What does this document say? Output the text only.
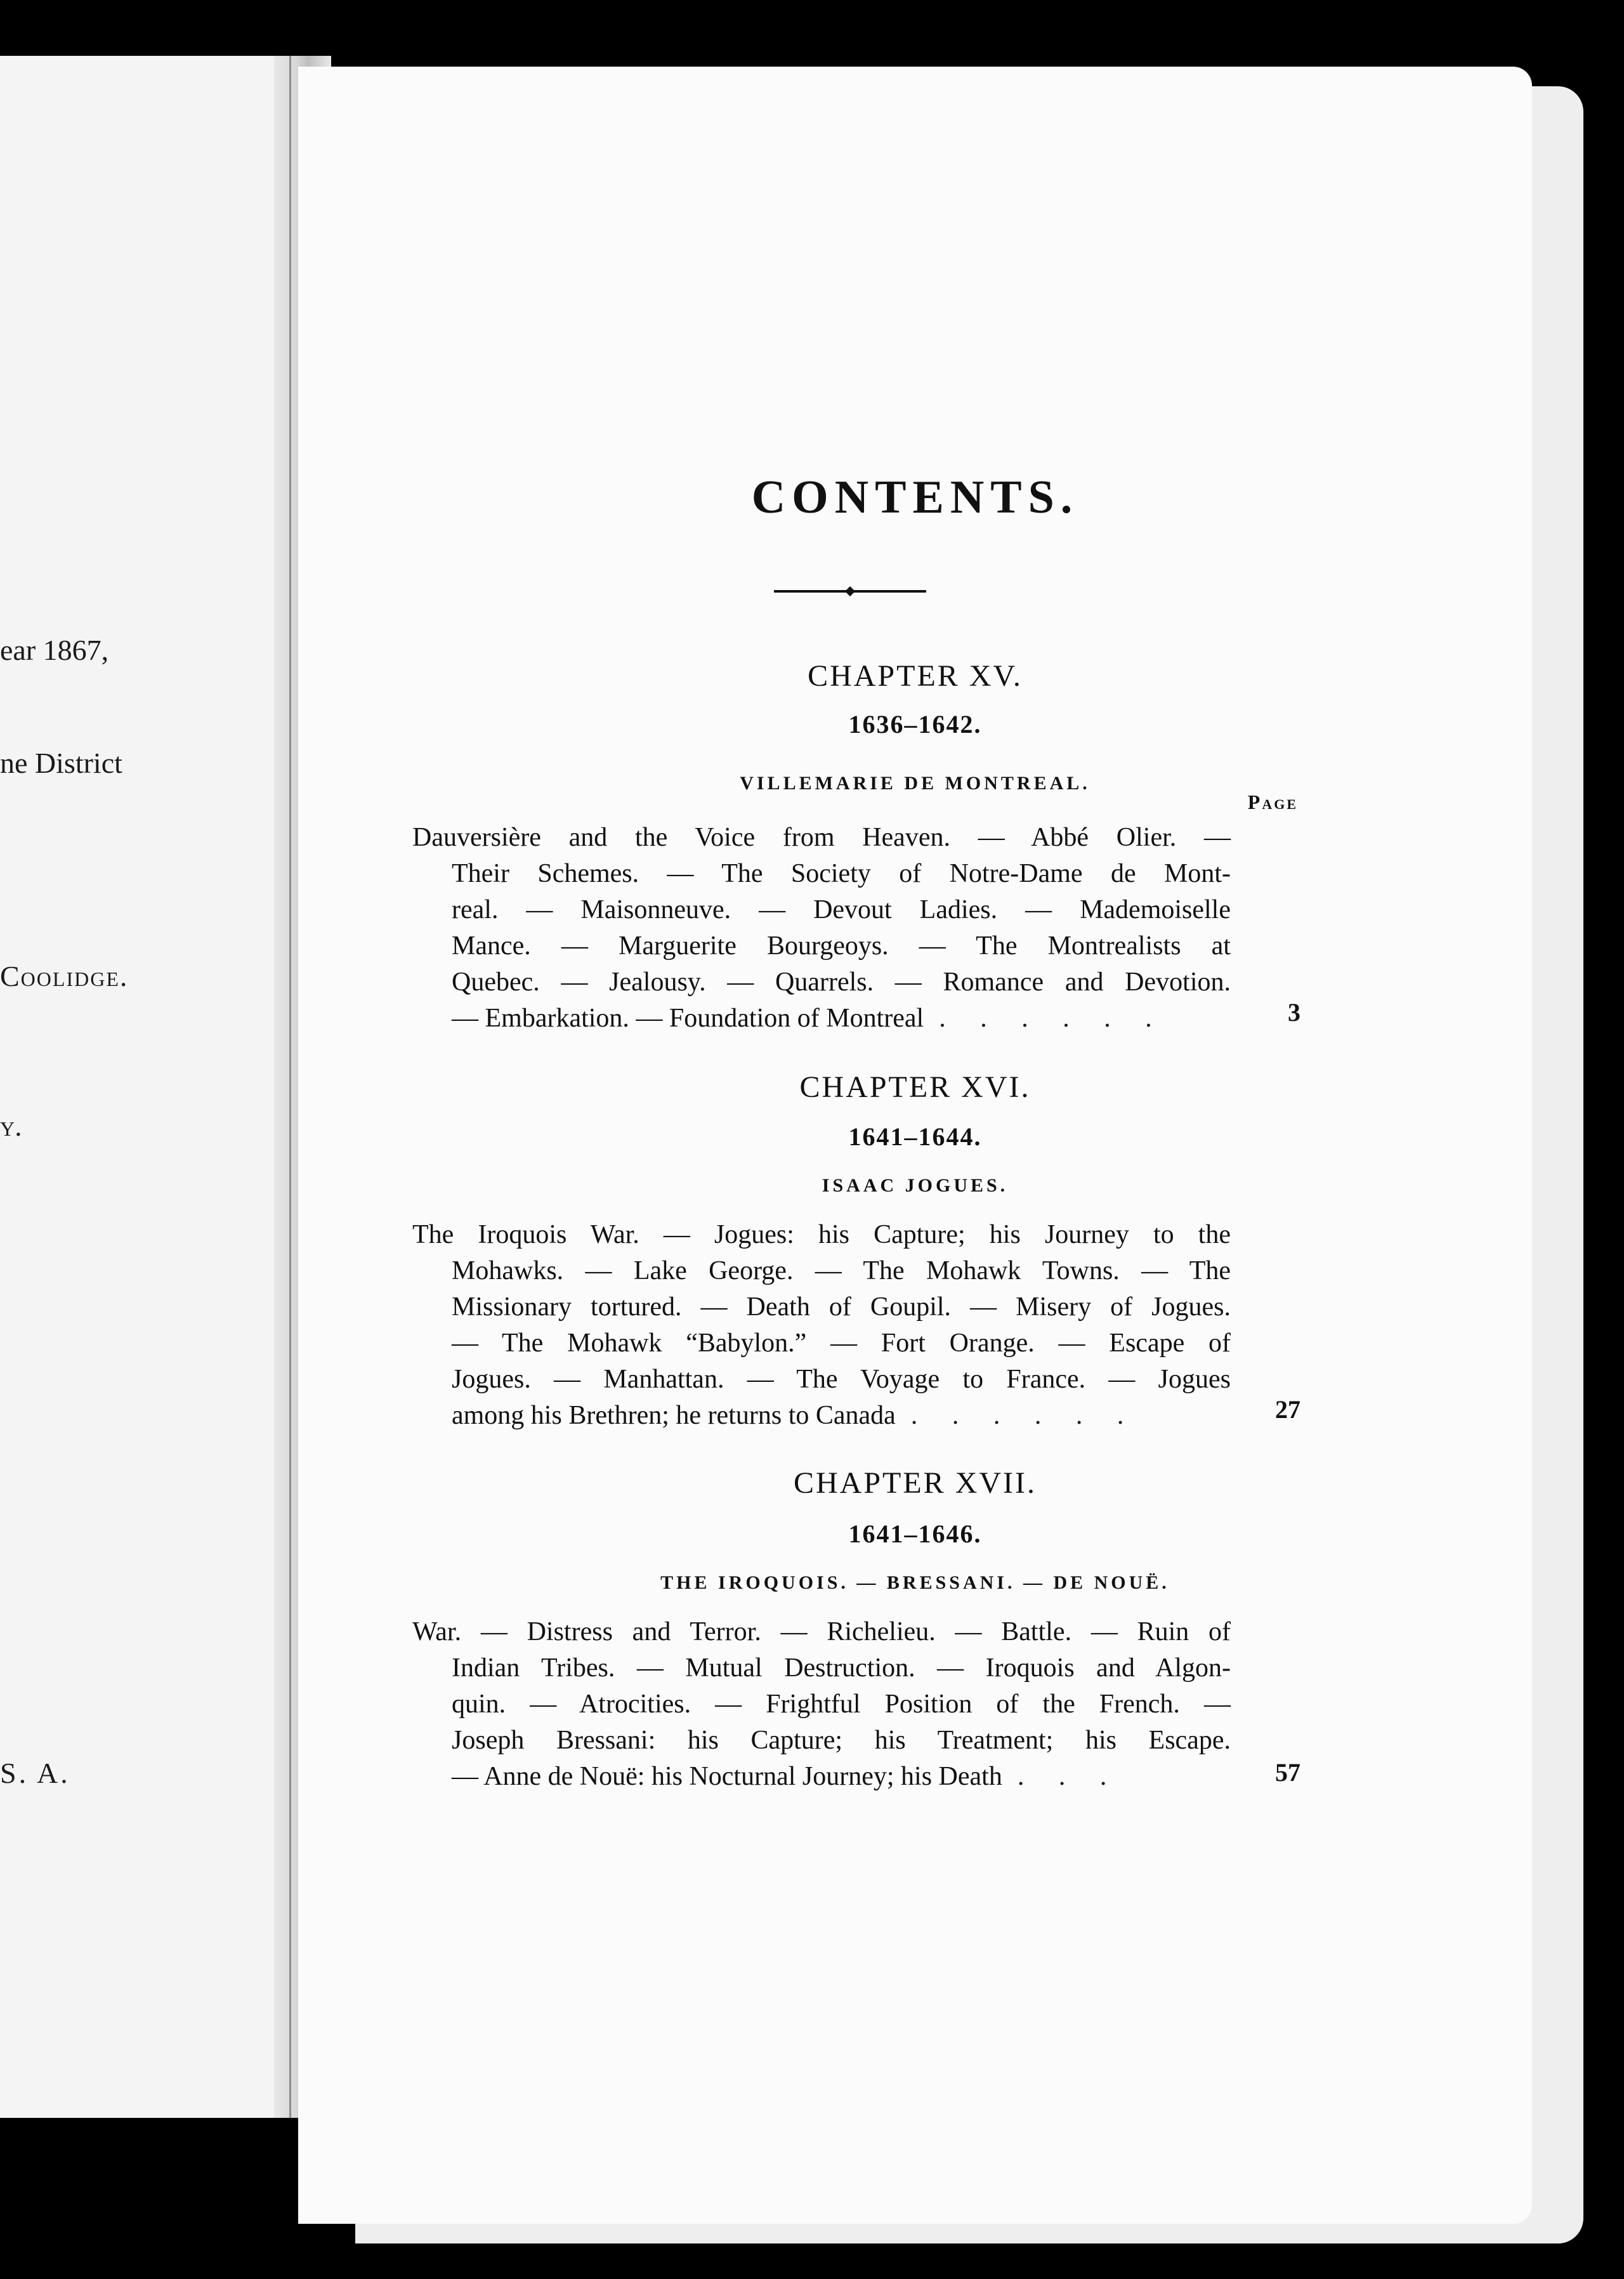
ear 1867,
ne District
Coolidge.
y.
S. A.
CONTENTS.
CHAPTER XV.
1636–1642.
VILLEMARIE DE MONTREAL.
Page
Dauversière and the Voice from Heaven. — Abbé Olier. —
Their Schemes. — The Society of Notre-Dame de Mont-
real. — Maisonneuve. — Devout Ladies. — Mademoiselle
Mance. — Marguerite Bourgeoys. — The Montrealists at
Quebec. — Jealousy. — Quarrels. — Romance and Devotion.
— Embarkation. — Foundation of Montreal . . . . . .	3
CHAPTER XVI.
1641–1644.
ISAAC JOGUES.
The Iroquois War. — Jogues: his Capture; his Journey to the
Mohawks. — Lake George. — The Mohawk Towns. — The
Missionary tortured. — Death of Goupil. — Misery of Jogues.
— The Mohawk “Babylon.” — Fort Orange. — Escape of
Jogues. — Manhattan. — The Voyage to France. — Jogues
among his Brethren; he returns to Canada . . . . . .	27
CHAPTER XVII.
1641–1646.
THE IROQUOIS. — BRESSANI. — DE NOUË.
War. — Distress and Terror. — Richelieu. — Battle. — Ruin of
Indian Tribes. — Mutual Destruction. — Iroquois and Algon-
quin. — Atrocities. — Frightful Position of the French. —
Joseph Bressani: his Capture; his Treatment; his Escape.
— Anne de Nouë: his Nocturnal Journey; his Death . . .	57
